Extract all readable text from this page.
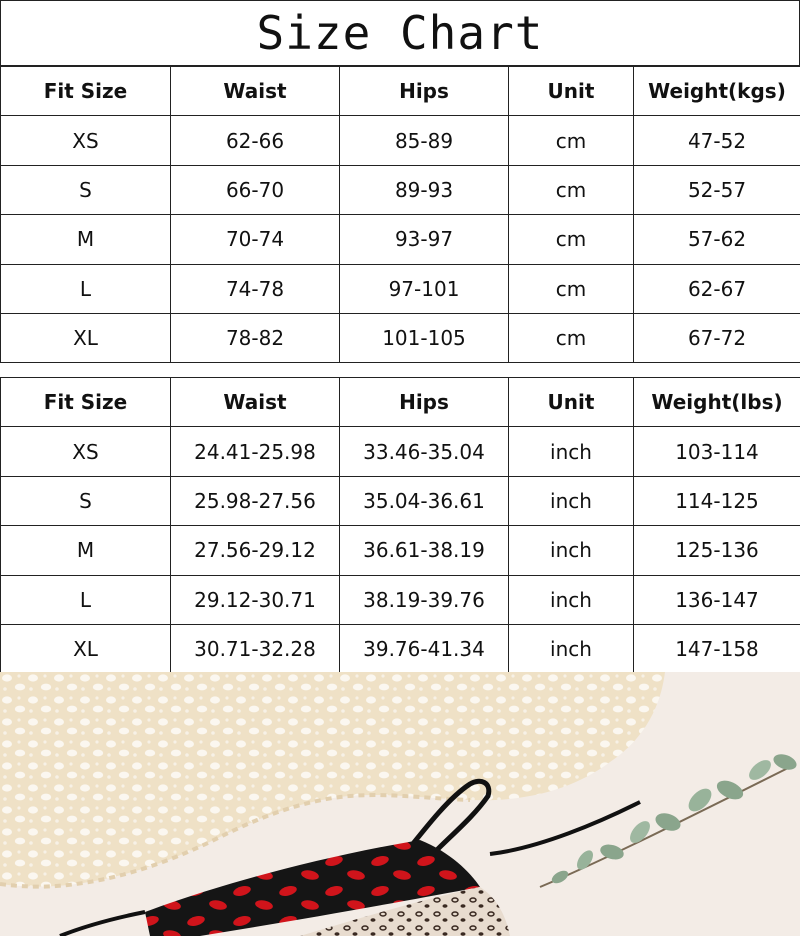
Size Chart
Fit Size	Waist	Hips	Unit	Weight(kgs)
XS	62-66	85-89	cm	47-52
S	66-70	89-93	cm	52-57
M	70-74	93-97	cm	57-62
L	74-78	97-101	cm	62-67
XL	78-82	101-105	cm	67-72
Fit Size	Waist	Hips	Unit	Weight(lbs)
XS	24.41-25.98	33.46-35.04	inch	103-114
S	25.98-27.56	35.04-36.61	inch	114-125
M	27.56-29.12	36.61-38.19	inch	125-136
L	29.12-30.71	38.19-39.76	inch	136-147
XL	30.71-32.28	39.76-41.34	inch	147-158
